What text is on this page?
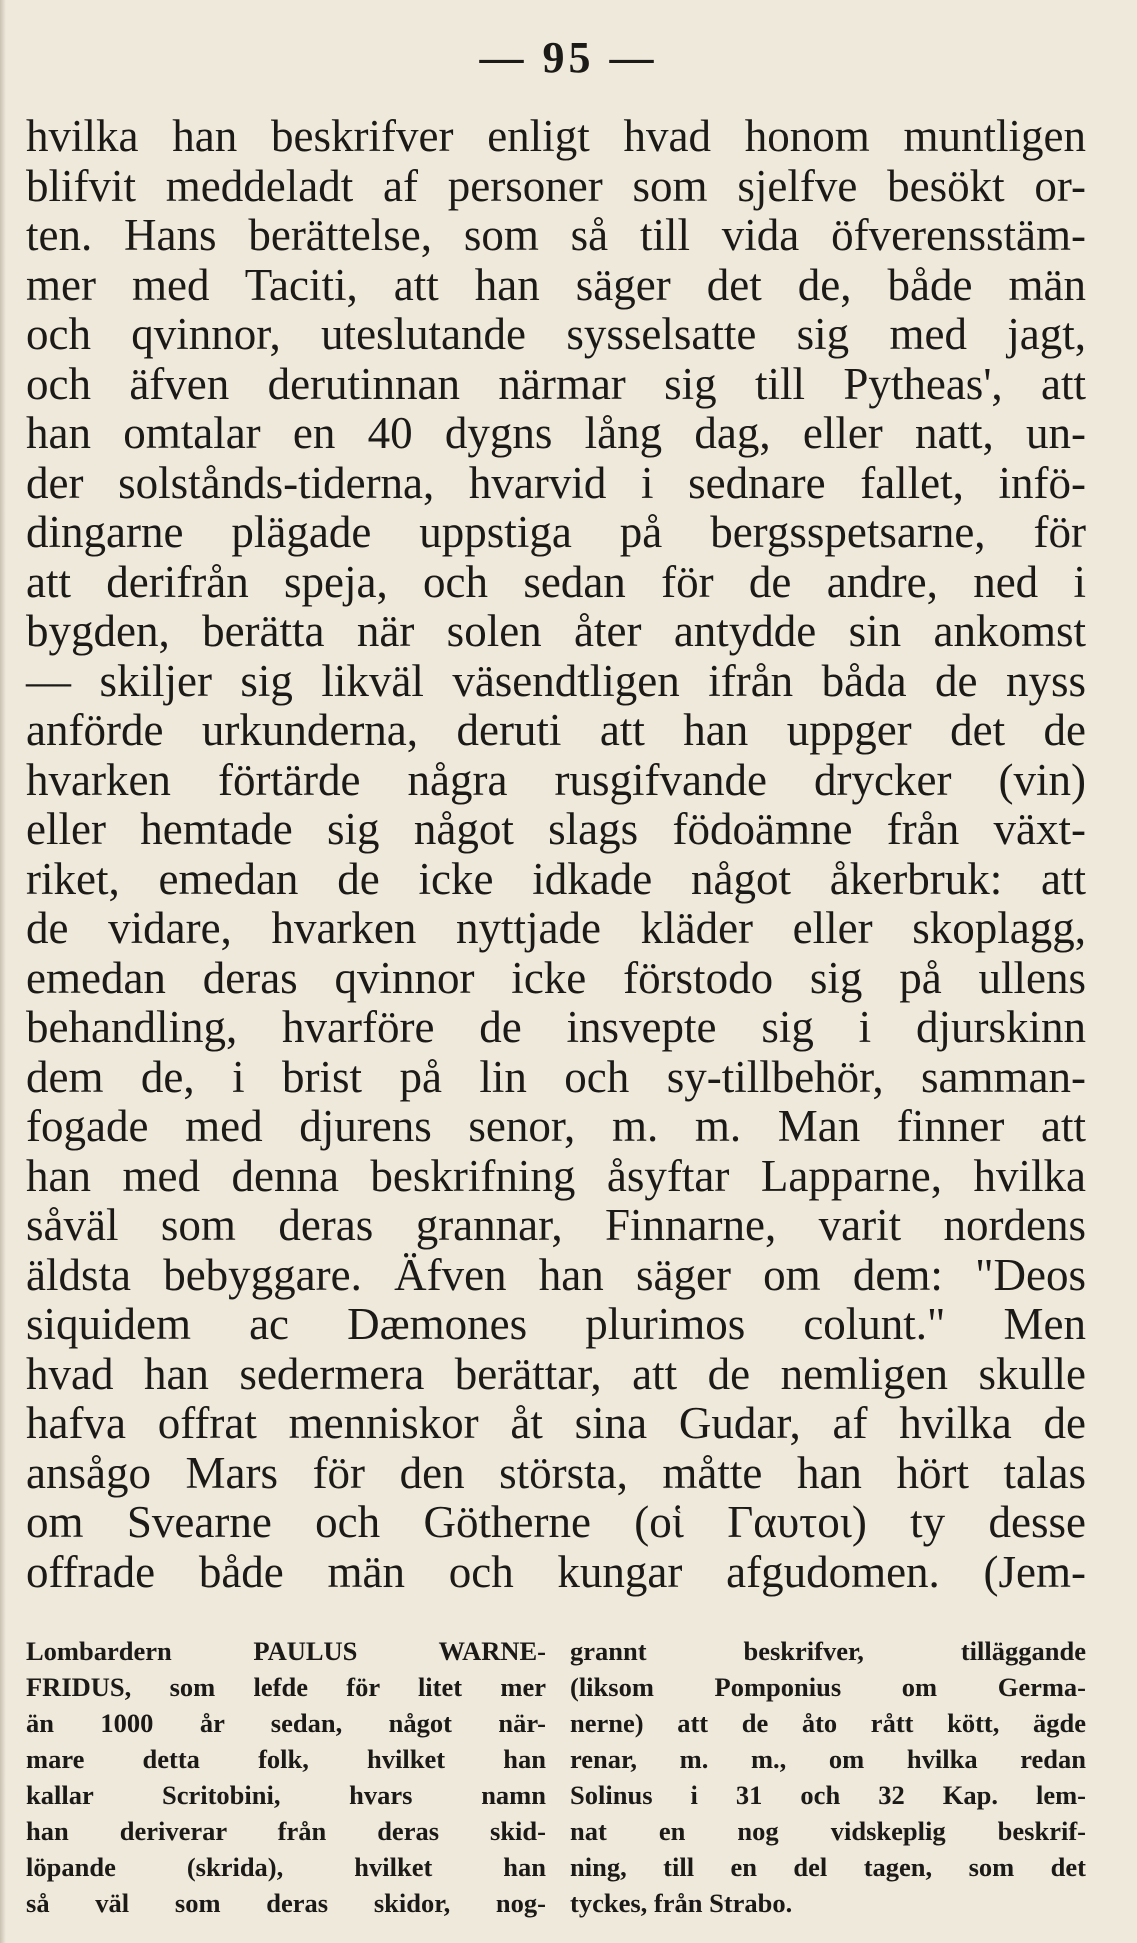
— 95 —
hvilka han beskrifver enligt hvad honom muntligen
blifvit meddeladt af personer som sjelfve besökt or-
ten. Hans berättelse, som så till vida öfverensstäm-
mer med Taciti, att han säger det de, både män
och qvinnor, uteslutande sysselsatte sig med jagt,
och äfven derutinnan närmar sig till Pytheas', att
han omtalar en 40 dygns lång dag, eller natt, un-
der solstånds-tiderna, hvarvid i sednare fallet, infö-
dingarne plägade uppstiga på bergsspetsarne, för
att derifrån speja, och sedan för de andre, ned i
bygden, berätta när solen åter antydde sin ankomst
— skiljer sig likväl väsendtligen ifrån båda de nyss
anförde urkunderna, deruti att han uppger det de
hvarken förtärde några rusgifvande drycker (vin)
eller hemtade sig något slags födoämne från växt-
riket, emedan de icke idkade något åkerbruk: att
de vidare, hvarken nyttjade kläder eller skoplagg,
emedan deras qvinnor icke förstodo sig på ullens
behandling, hvarföre de insvepte sig i djurskinn
dem de, i brist på lin och sy-tillbehör, samman-
fogade med djurens senor, m. m. Man finner att
han med denna beskrifning åsyftar Lapparne, hvilka
såväl som deras grannar, Finnarne, varit nordens
äldsta bebyggare. Äfven han säger om dem: "Deos
siquidem ac Dæmones plurimos colunt." Men
hvad han sedermera berättar, att de nemligen skulle
hafva offrat menniskor åt sina Gudar, af hvilka de
ansågo Mars för den största, måtte han hört talas
om Svearne och Götherne (οἱ Γαυτοι) ty desse
offrade både män och kungar afgudomen. (Jem-
Lombardern PAULUS WARNE-
FRIDUS, som lefde för litet mer
än 1000 år sedan, något när-
mare detta folk, hvilket han
kallar Scritobini, hvars namn
han deriverar från deras skid-
löpande (skrida), hvilket han
så väl som deras skidor, nog-
grannt beskrifver, tilläggande
(liksom Pomponius om Germa-
nerne) att de åto rått kött, ägde
renar, m. m., om hvilka redan
Solinus i 31 och 32 Kap. lem-
nat en nog vidskeplig beskrif-
ning, till en del tagen, som det
tyckes, från Strabo.
